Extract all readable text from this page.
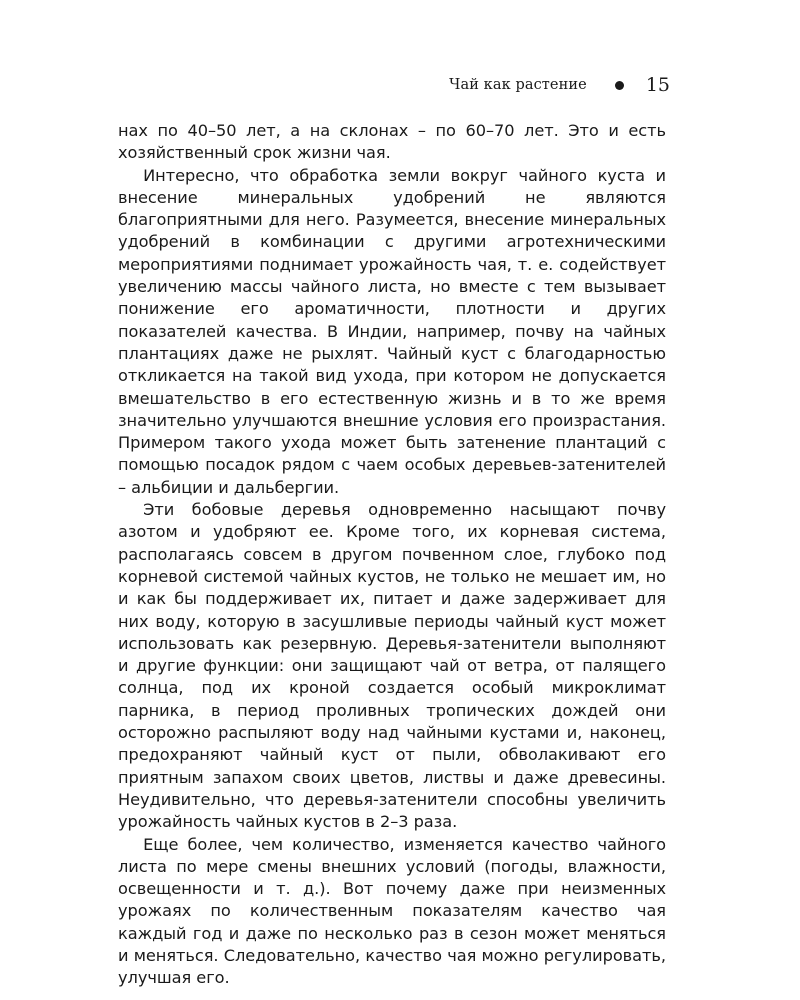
Чай как растение	15

нах по 40–50 лет, а на склонах – по 60–70 лет. Это и есть хозяйственный срок жизни чая.

Интересно, что обработка земли вокруг чайного куста и внесение минеральных удобрений не являются благоприятными для него. Разумеется, внесение минеральных удобрений в комбинации с другими агротехническими мероприятиями поднимает урожайность чая, т. е. содействует увеличению массы чайного листа, но вместе с тем вызывает понижение его ароматичности, плотности и других показателей качества. В Индии, например, почву на чайных плантациях даже не рыхлят. Чайный куст с благодарностью откликается на такой вид ухода, при котором не допускается вмешательство в его естественную жизнь и в то же время значительно улучшаются внешние условия его произрастания. Примером такого ухода может быть затенение плантаций с помощью посадок рядом с чаем особых деревьев-затенителей – альбиции и дальбергии.

Эти бобовые деревья одновременно насыщают почву азотом и удобряют ее. Кроме того, их корневая система, располагаясь совсем в другом почвенном слое, глубоко под корневой системой чайных кустов, не только не мешает им, но и как бы поддерживает их, питает и даже задерживает для них воду, которую в засушливые периоды чайный куст может использовать как резервную. Деревья-затенители выполняют и другие функции: они защищают чай от ветра, от палящего солнца, под их кроной создается особый микроклимат парника, в период проливных тропических дождей они осторожно распыляют воду над чайными кустами и, наконец, предохраняют чайный куст от пыли, обволакивают его приятным запахом своих цветов, листвы и даже древесины. Неудивительно, что деревья-затенители способны увеличить урожайность чайных кустов в 2–3 раза.

Еще более, чем количество, изменяется качество чайного листа по мере смены внешних условий (погоды, влажности, освещенности и т. д.). Вот почему даже при неизменных урожаях по количественным показателям качество чая каждый год и даже по несколько раз в сезон может меняться и меняться. Следовательно, качество чая можно регулировать, улучшая его.
